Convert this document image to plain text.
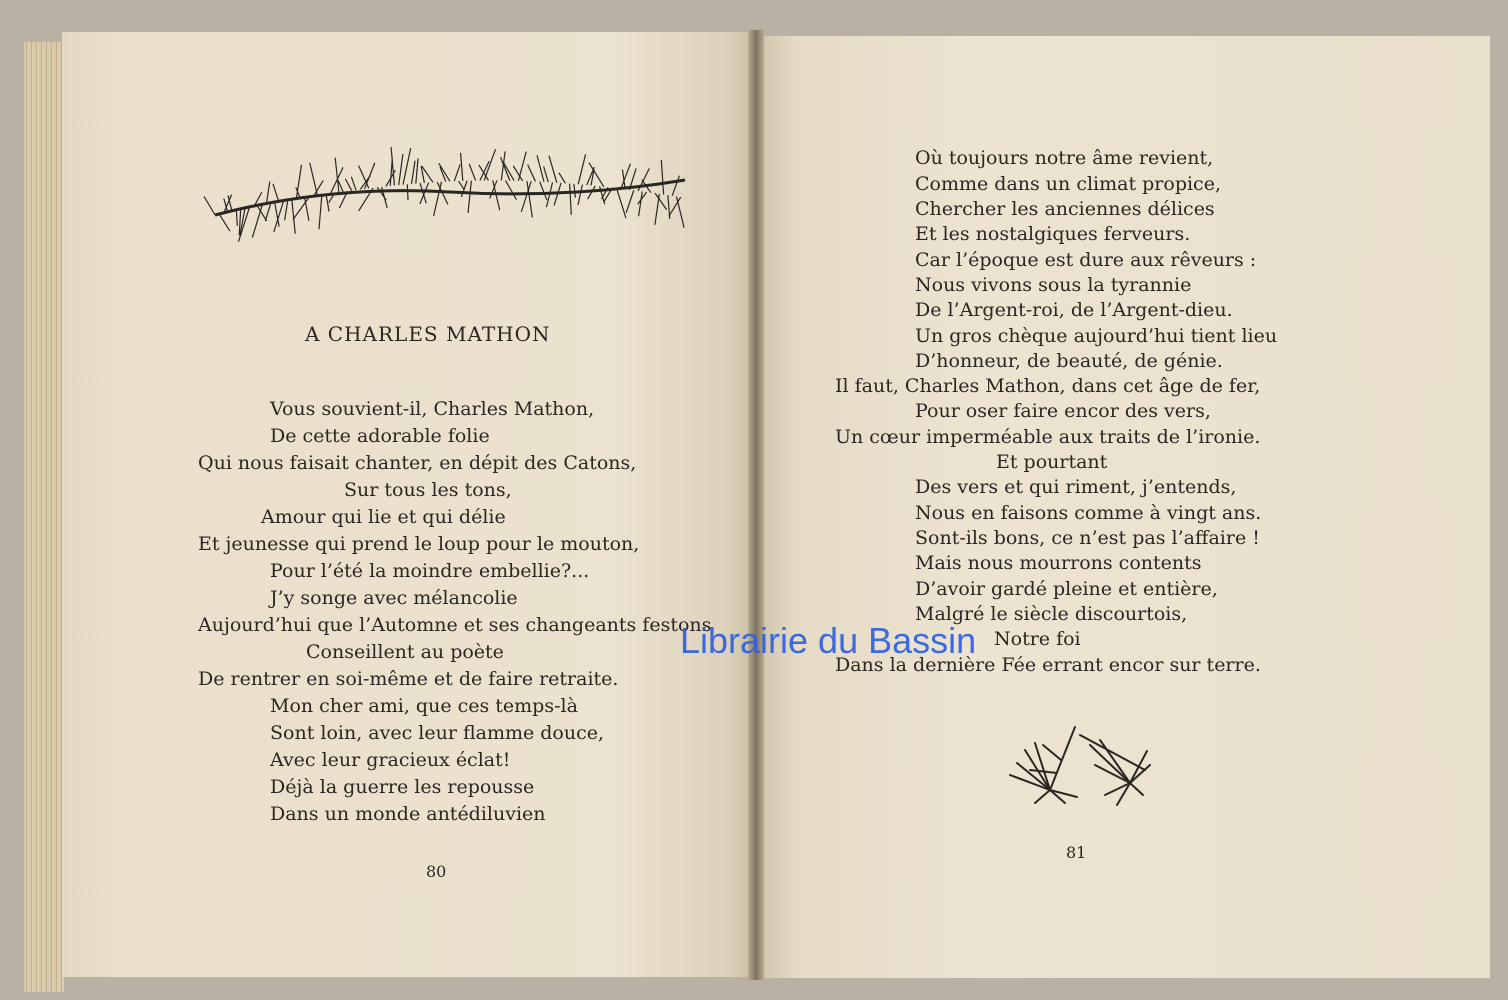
A CHARLES MATHON
Vous souvient-il, Charles Mathon,
De cette adorable folie
Qui nous faisait chanter, en dépit des Catons,
Sur tous les tons,
Amour qui lie et qui délie
Et jeunesse qui prend le loup pour le mouton,
Pour l’été la moindre embellie?...
J’y songe avec mélancolie
Aujourd’hui que l’Automne et ses changeants festons
Conseillent au poète
De rentrer en soi-même et de faire retraite.
Mon cher ami, que ces temps-là
Sont loin, avec leur flamme douce,
Avec leur gracieux éclat!
Déjà la guerre les repousse
Dans un monde antédiluvien
80
Où toujours notre âme revient,
Comme dans un climat propice,
Chercher les anciennes délices
Et les nostalgiques ferveurs.
Car l’époque est dure aux rêveurs :
Nous vivons sous la tyrannie
De l’Argent-roi, de l’Argent-dieu.
Un gros chèque aujourd’hui tient lieu
D’honneur, de beauté, de génie.
Il faut, Charles Mathon, dans cet âge de fer,
Pour oser faire encor des vers,
Un cœur imperméable aux traits de l’ironie.
Et pourtant
Des vers et qui riment, j’entends,
Nous en faisons comme à vingt ans.
Sont-ils bons, ce n’est pas l’affaire !
Mais nous mourrons contents
D’avoir gardé pleine et entière,
Malgré le siècle discourtois,
Notre foi
Dans la dernière Fée errant encor sur terre.
81
Librairie du Bassin
